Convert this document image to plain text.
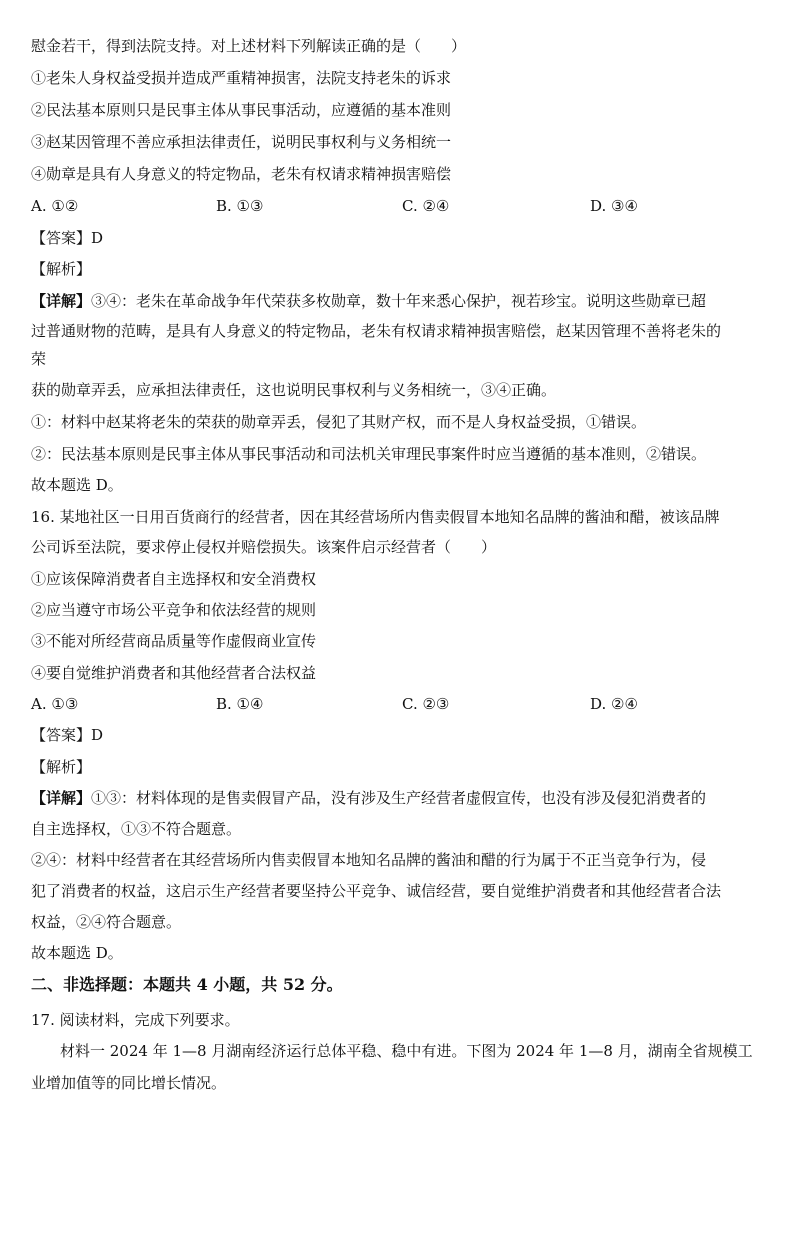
慰金若干，得到法院支持。对上述材料下列解读正确的是（　　）
①老朱人身权益受损并造成严重精神损害，法院支持老朱的诉求
②民法基本原则只是民事主体从事民事活动，应遵循的基本准则
③赵某因管理不善应承担法律责任，说明民事权利与义务相统一
④勋章是具有人身意义的特定物品，老朱有权请求精神损害赔偿
A. ①②	B. ①③	C. ②④	D. ③④
【答案】D
【解析】
【详解】③④：老朱在革命战争年代荣获多枚勋章，数十年来悉心保护，视若珍宝。说明这些勋章已超
过普通财物的范畴，是具有人身意义的特定物品，老朱有权请求精神损害赔偿，赵某因管理不善将老朱的
荣
获的勋章弄丢，应承担法律责任，这也说明民事权利与义务相统一，③④正确。
①：材料中赵某将老朱的荣获的勋章弄丢，侵犯了其财产权，而不是人身权益受损，①错误。
②：民法基本原则是民事主体从事民事活动和司法机关审理民事案件时应当遵循的基本准则，②错误。
故本题选 D。
16. 某地社区一日用百货商行的经营者，因在其经营场所内售卖假冒本地知名品牌的酱油和醋，被该品牌
公司诉至法院，要求停止侵权并赔偿损失。该案件启示经营者（　　）
①应该保障消费者自主选择权和安全消费权
②应当遵守市场公平竞争和依法经营的规则
③不能对所经营商品质量等作虚假商业宣传
④要自觉维护消费者和其他经营者合法权益
A. ①③	B. ①④	C. ②③	D. ②④
【答案】D
【解析】
【详解】①③：材料体现的是售卖假冒产品，没有涉及生产经营者虚假宣传，也没有涉及侵犯消费者的
自主选择权，①③不符合题意。
②④：材料中经营者在其经营场所内售卖假冒本地知名品牌的酱油和醋的行为属于不正当竞争行为，侵
犯了消费者的权益，这启示生产经营者要坚持公平竞争、诚信经营，要自觉维护消费者和其他经营者合法
权益，②④符合题意。
故本题选 D。
二、非选择题：本题共 4 小题，共 52 分。
17. 阅读材料，完成下列要求。
材料一 2024 年 1—8 月湖南经济运行总体平稳、稳中有进。下图为 2024 年 1—8 月，湖南全省规模工
业增加值等的同比增长情况。
